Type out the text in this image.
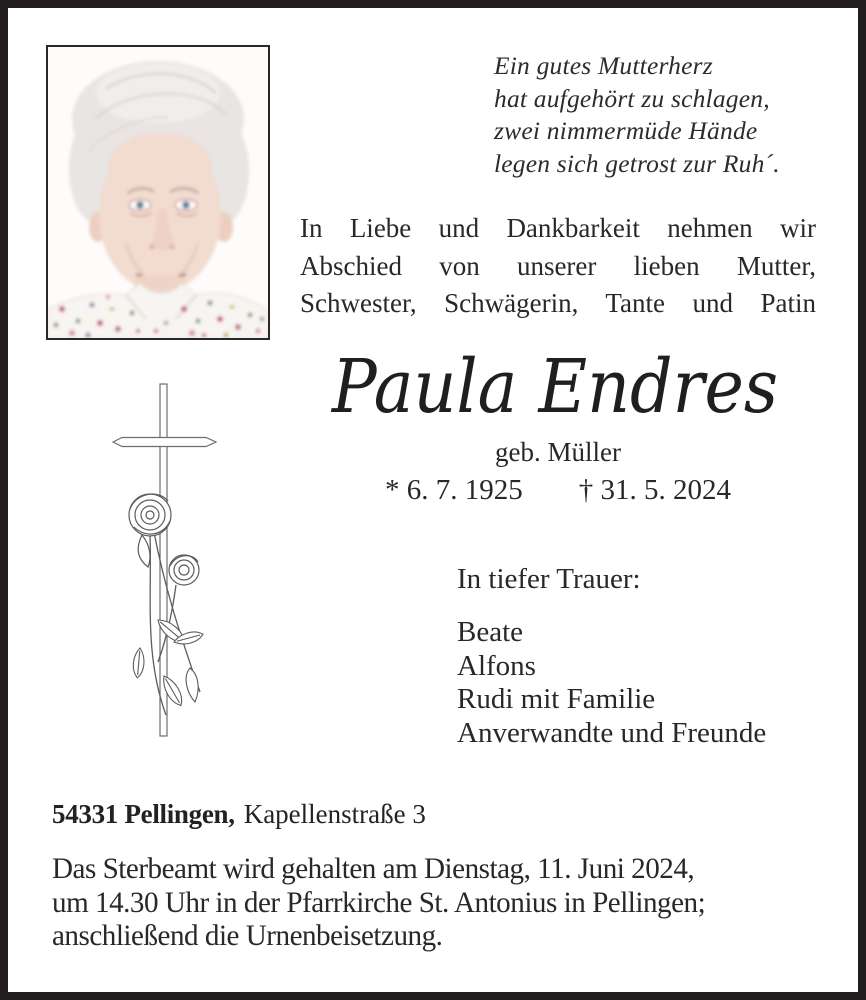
Ein gutes Mutterherz
hat aufgehört zu schlagen,
zwei nimmermüde Hände
legen sich getrost zur Ruh´.
In Liebe und Dankbarkeit nehmen wir
Abschied von unserer lieben Mutter,
Schwester, Schwägerin, Tante und Patin
Paula Endres
geb. Müller
* 6. 7. 1925 † 31. 5. 2024
In tiefer Trauer:
Beate
Alfons
Rudi mit Familie
Anverwandte und Freunde
54331 Pellingen, Kapellenstraße 3
Das Sterbeamt wird gehalten am Dienstag, 11. Juni 2024,
um 14.30 Uhr in der Pfarrkirche St. Antonius in Pellingen;
anschließend die Urnenbeisetzung.
